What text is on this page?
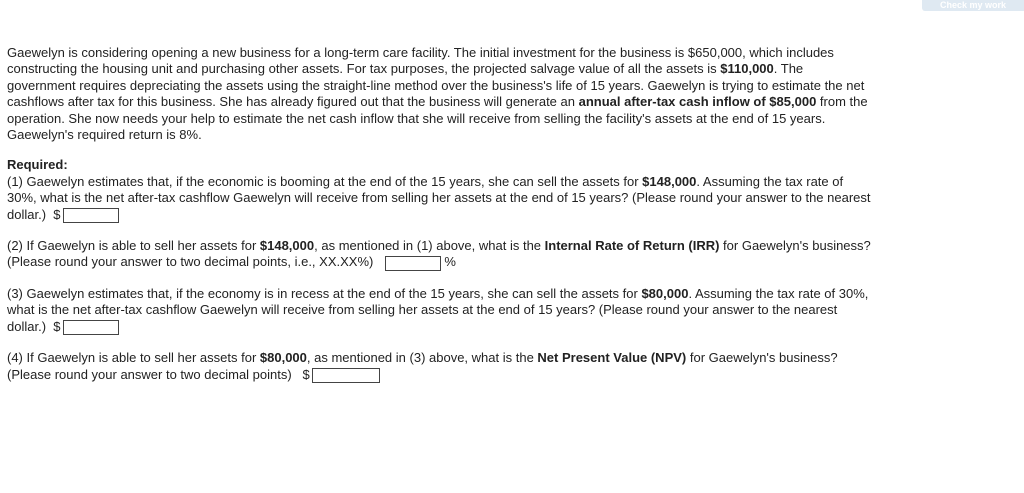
Check my work

Gaewelyn is considering opening a new business for a long-term care facility. The initial investment for the business is $650,000, which includes constructing the housing unit and purchasing other assets. For tax purposes, the projected salvage value of all the assets is $110,000. The government requires depreciating the assets using the straight-line method over the business's life of 15 years. Gaewelyn is trying to estimate the net cashflows after tax for this business. She has already figured out that the business will generate an annual after-tax cash inflow of $85,000 from the operation. She now needs your help to estimate the net cash inflow that she will receive from selling the facility's assets at the end of 15 years. Gaewelyn's required return is 8%.

Required:

(1) Gaewelyn estimates that, if the economic is booming at the end of the 15 years, she can sell the assets for $148,000. Assuming the tax rate of 30%, what is the net after-tax cashflow Gaewelyn will receive from selling her assets at the end of 15 years? (Please round your answer to the nearest dollar.) $

(2) If Gaewelyn is able to sell her assets for $148,000, as mentioned in (1) above, what is the Internal Rate of Return (IRR) for Gaewelyn's business? (Please round your answer to two decimal points, i.e., XX.XX%)	%

(3) Gaewelyn estimates that, if the economy is in recess at the end of the 15 years, she can sell the assets for $80,000. Assuming the tax rate of 30%, what is the net after-tax cashflow Gaewelyn will receive from selling her assets at the end of 15 years? (Please round your answer to the nearest dollar.) $

(4) If Gaewelyn is able to sell her assets for $80,000, as mentioned in (3) above, what is the Net Present Value (NPV) for Gaewelyn's business? (Please round your answer to two decimal points) $
